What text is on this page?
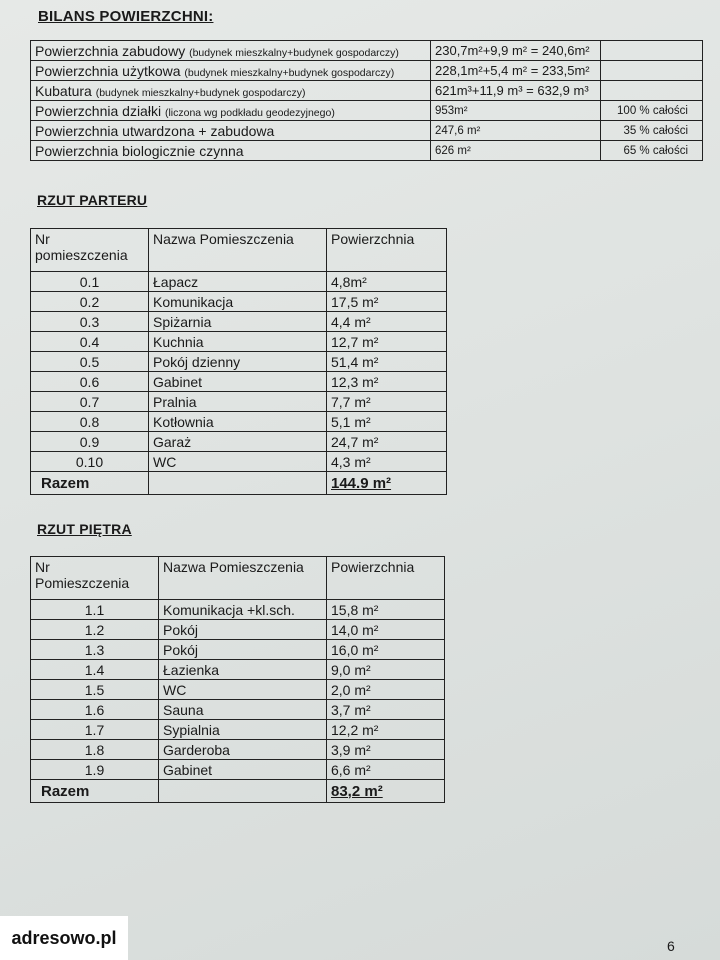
BILANS POWIERZCHNI:
Powierzchnia zabudowy (budynek mieszkalny+budynek gospodarczy)	230,7m²+9,9 m² = 240,6m²	
Powierzchnia użytkowa (budynek mieszkalny+budynek gospodarczy)	228,1m²+5,4 m² = 233,5m²	
Kubatura (budynek mieszkalny+budynek gospodarczy)	621m³+11,9 m³ = 632,9 m³	
Powierzchnia działki (liczona wg podkładu geodezyjnego)	953m²	100 % całości
Powierzchnia utwardzona + zabudowa	247,6 m²	35 % całości
Powierzchnia biologicznie czynna	626 m²	65 % całości
RZUT PARTERU
Nr
pomieszczenia	Nazwa Pomieszczenia	Powierzchnia
0.1	Łapacz	4,8m²
0.2	Komunikacja	17,5 m²
0.3	Spiżarnia	4,4 m²
0.4	Kuchnia	12,7 m²
0.5	Pokój dzienny	51,4 m²
0.6	Gabinet	12,3 m²
0.7	Pralnia	7,7 m²
0.8	Kotłownia	5,1 m²
0.9	Garaż	24,7 m²
0.10	WC	4,3 m²
Razem		144.9 m²
RZUT PIĘTRA
Nr
Pomieszczenia	Nazwa Pomieszczenia	Powierzchnia
1.1	Komunikacja +kl.sch.	15,8 m²
1.2	Pokój	14,0 m²
1.3	Pokój	16,0 m²
1.4	Łazienka	9,0 m²
1.5	WC	2,0 m²
1.6	Sauna	3,7 m²
1.7	Sypialnia	12,2 m²
1.8	Garderoba	3,9 m²
1.9	Gabinet	6,6 m²
Razem		83,2 m²
adresowo.pl	6
